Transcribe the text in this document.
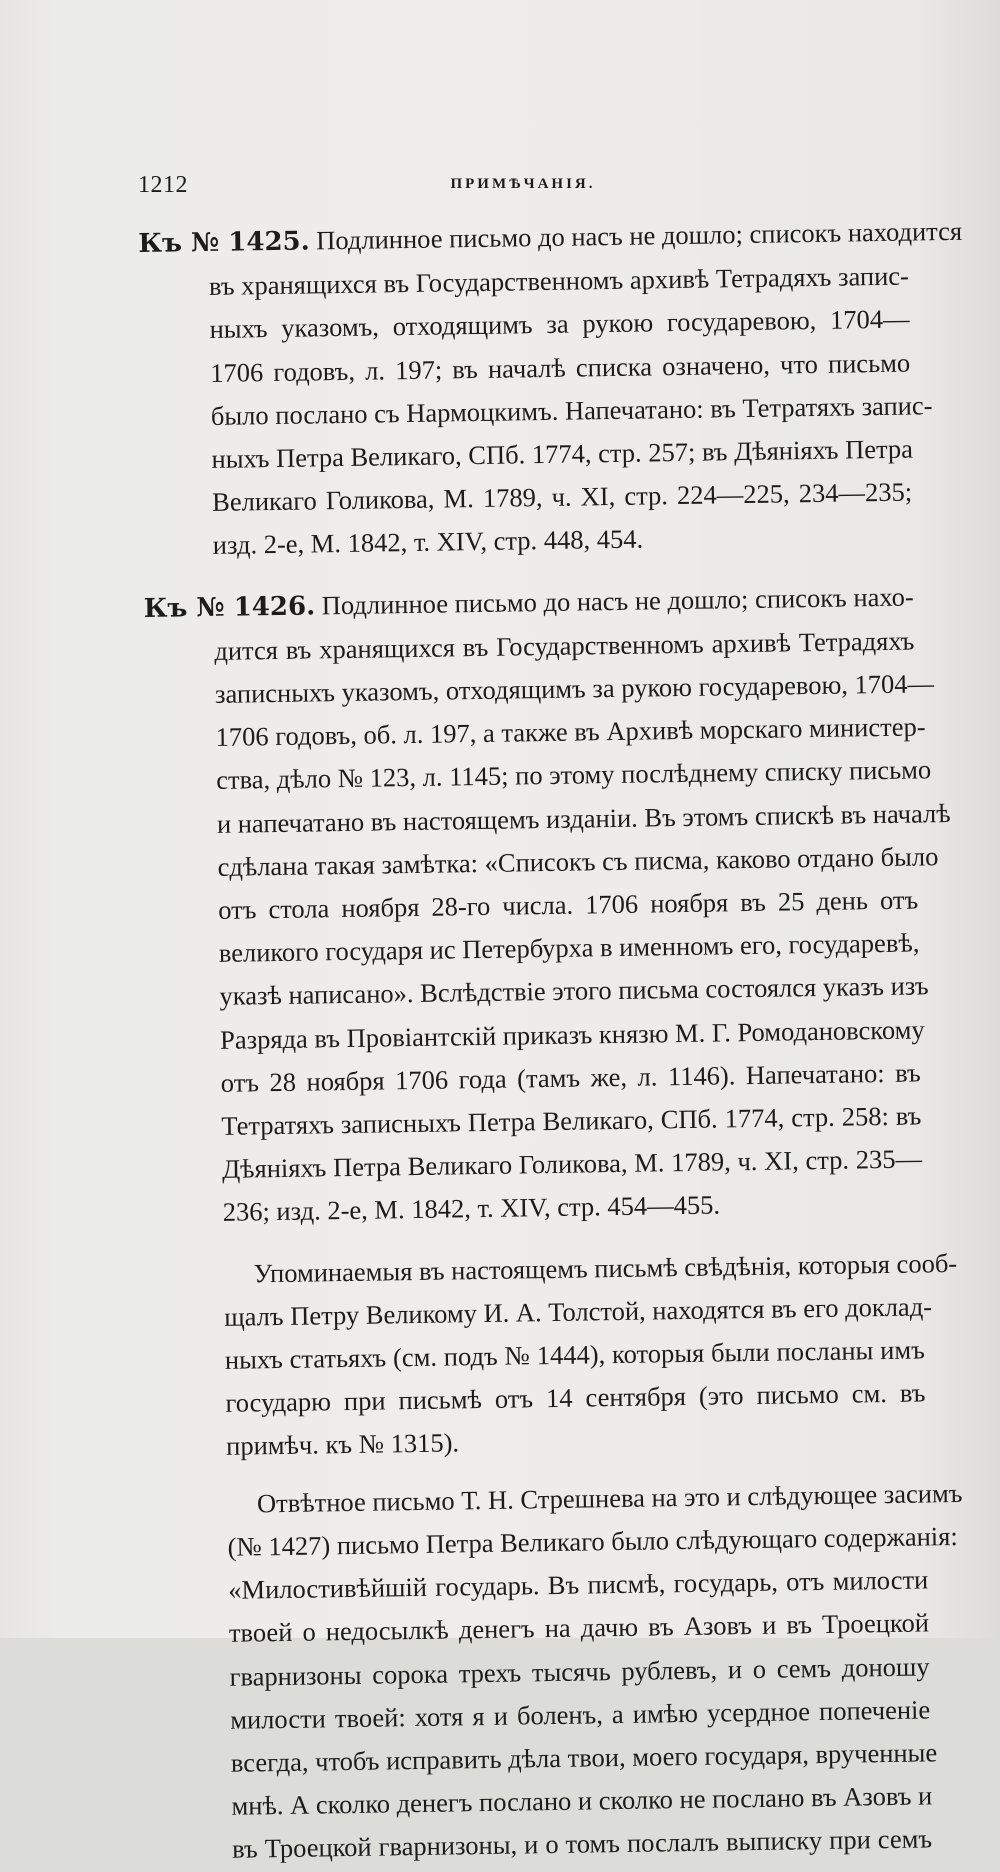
1212	ПРИМѢЧАНІЯ.
Къ № 1425. Подлинное письмо до насъ не дошло; списокъ находится
въ хранящихся въ Государственномъ архивѣ Тетрадяхъ запис-
ныхъ указомъ, отходящимъ за рукою государевою, 1704—
1706 годовъ, л. 197; въ началѣ списка означено, что письмо
было послано съ Нармоцкимъ. Напечатано: въ Тетратяхъ запис-
ныхъ Петра Великаго, СПб. 1774, стр. 257; въ Дѣяніяхъ Петра
Великаго Голикова, М. 1789, ч. XI, стр. 224—225, 234—235;
изд. 2-е, М. 1842, т. XIV, стр. 448, 454.
Къ № 1426. Подлинное письмо до насъ не дошло; списокъ нахо-
дится въ хранящихся въ Государственномъ архивѣ Тетрадяхъ
записныхъ указомъ, отходящимъ за рукою государевою, 1704—
1706 годовъ, об. л. 197, а также въ Архивѣ морскаго министер-
ства, дѣло № 123, л. 1145; по этому послѣднему списку письмо
и напечатано въ настоящемъ изданіи. Въ этомъ спискѣ въ началѣ
сдѣлана такая замѣтка: «Списокъ съ писма, каково отдано было
отъ стола ноября 28-го числа. 1706 ноября въ 25 день отъ
великого государя ис Петербурха в именномъ его, государевѣ,
указѣ написано». Вслѣдствіе этого письма состоялся указъ изъ
Разряда въ Провіантскій приказъ князю М. Г. Ромодановскому
отъ 28 ноября 1706 года (тамъ же, л. 1146). Напечатано: въ
Тетратяхъ записныхъ Петра Великаго, СПб. 1774, стр. 258: въ
Дѣяніяхъ Петра Великаго Голикова, М. 1789, ч. XI, стр. 235—
236; изд. 2-е, М. 1842, т. XIV, стр. 454—455.
Упоминаемыя въ настоящемъ письмѣ свѣдѣнія, которыя сооб-
щалъ Петру Великому И. А. Толстой, находятся въ его доклад-
ныхъ статьяхъ (см. подъ № 1444), которыя были посланы имъ
государю при письмѣ отъ 14 сентября (это письмо см. въ
примѣч. къ № 1315).
Отвѣтное письмо Т. Н. Стрешнева на это и слѣдующее засимъ
(№ 1427) письмо Петра Великаго было слѣдующаго содержанія:
«Милостивѣйшій государь. Въ писмѣ, государь, отъ милости
твоей о недосылкѣ денегъ на дачю въ Азовъ и въ Троецкой
гварнизоны сорока трехъ тысячь рублевъ, и о семъ доношу
милости твоей: хотя я и боленъ, а имѣю усердное попеченіе
всегда, чтобъ исправить дѣла твои, моего государя, врученные
мнѣ. А сколко денегъ послано и сколко не послано въ Азовъ и
въ Троецкой гварнизоны, и о томъ послалъ выписку при семъ
